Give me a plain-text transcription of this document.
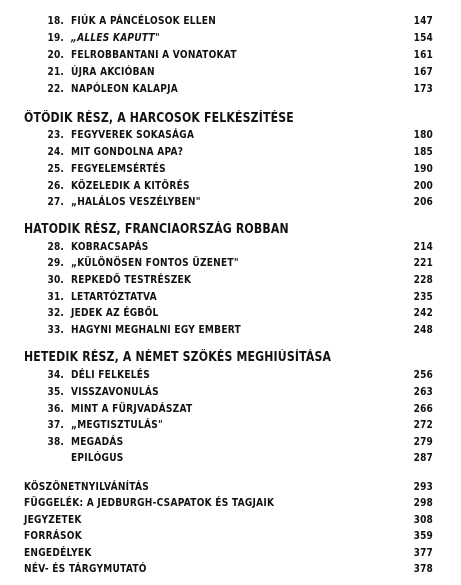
18. FIÚK A PÁNCÉLOSOK ELLEN	147
19. „ALLES KAPUTT"	154
20. FELROBBANTANI A VONATOKAT	161
21. ÚJRA AKCIÓBAN	167
22. NAPÓLEON KALAPJA	173
ÖTÖDIK RÉSZ, A HARCOSOK FELKÉSZÍTÉSE
23. FEGYVEREK SOKASÁGA	180
24. MIT GONDOLNA APA?	185
25. FEGYELEMSÉRTÉS	190
26. KÖZELEDIK A KITÖRÉS	200
27. „HALÁLOS VESZÉLYBEN"	206
HATODIK RÉSZ, FRANCIAORSZÁG ROBBAN
28. KOBRACSAPÁS	214
29. „KÜLÖNÖSEN FONTOS ÜZENET"	221
30. REPKEDŐ TESTRÉSZEK	228
31. LETARTÓZTATVA	235
32. JEDEK AZ ÉGBŐL	242
33. HAGYNI MEGHALNI EGY EMBERT	248
HETEDIK RÉSZ, A NÉMET SZÖKÉS MEGHIÚSÍTÁSA
34. DÉLI FELKELÉS	256
35. VISSZAVONULÁS	263
36. MINT A FÜRJVADÁSZAT	266
37. „MEGTISZTULÁS"	272
38. MEGADÁS	279
EPILÓGUS	287
KÖSZÖNETNYILVÁNÍTÁS	293
FÜGGELÉK: A JEDBURGH-CSAPATOK ÉS TAGJAIK	298
JEGYZETEK	308
FORRÁSOK	359
ENGEDÉLYEK	377
NÉV- ÉS TÁRGYMUTATÓ	378
